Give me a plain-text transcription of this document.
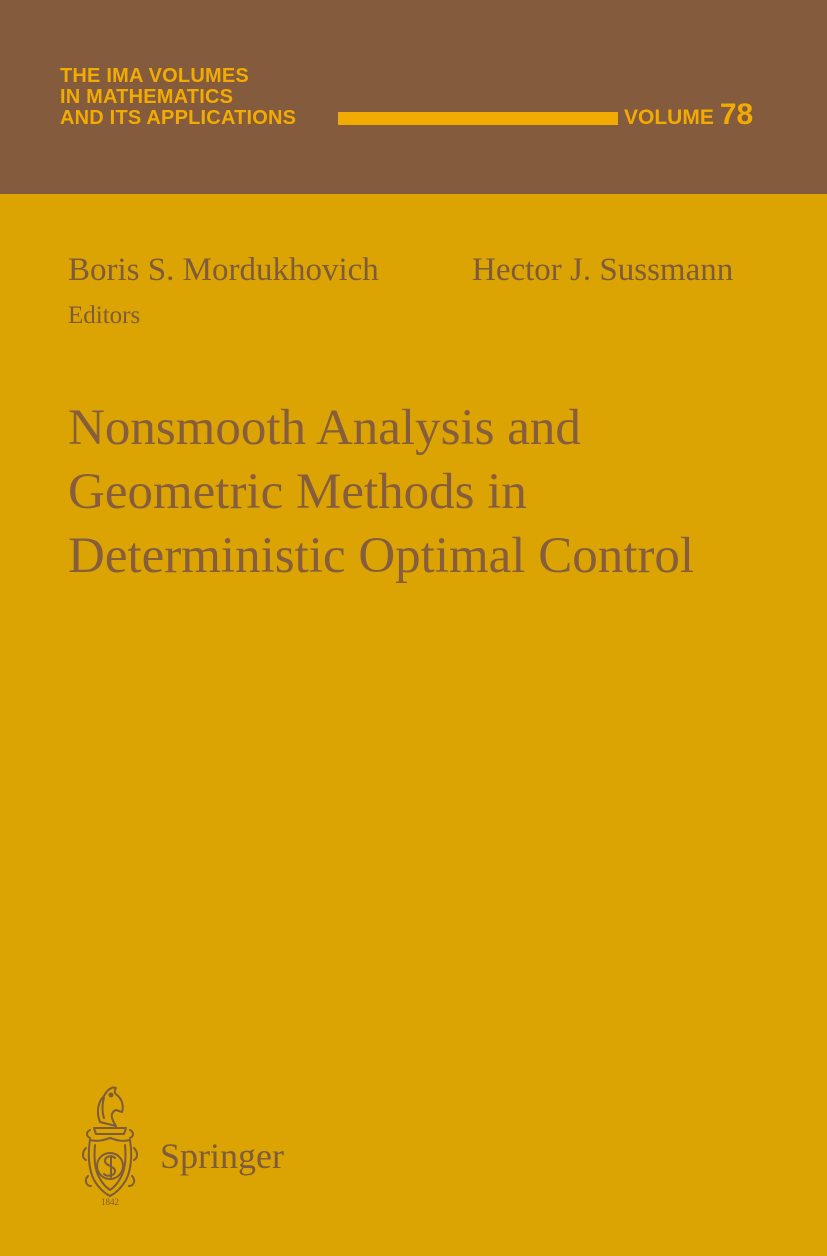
THE IMA VOLUMES
IN MATHEMATICS
AND ITS APPLICATIONS	VOLUME 78
Boris S. Mordukhovich	Hector J. Sussmann
Editors
Nonsmooth Analysis and
Geometric Methods in
Deterministic Optimal Control
1842
Springer
